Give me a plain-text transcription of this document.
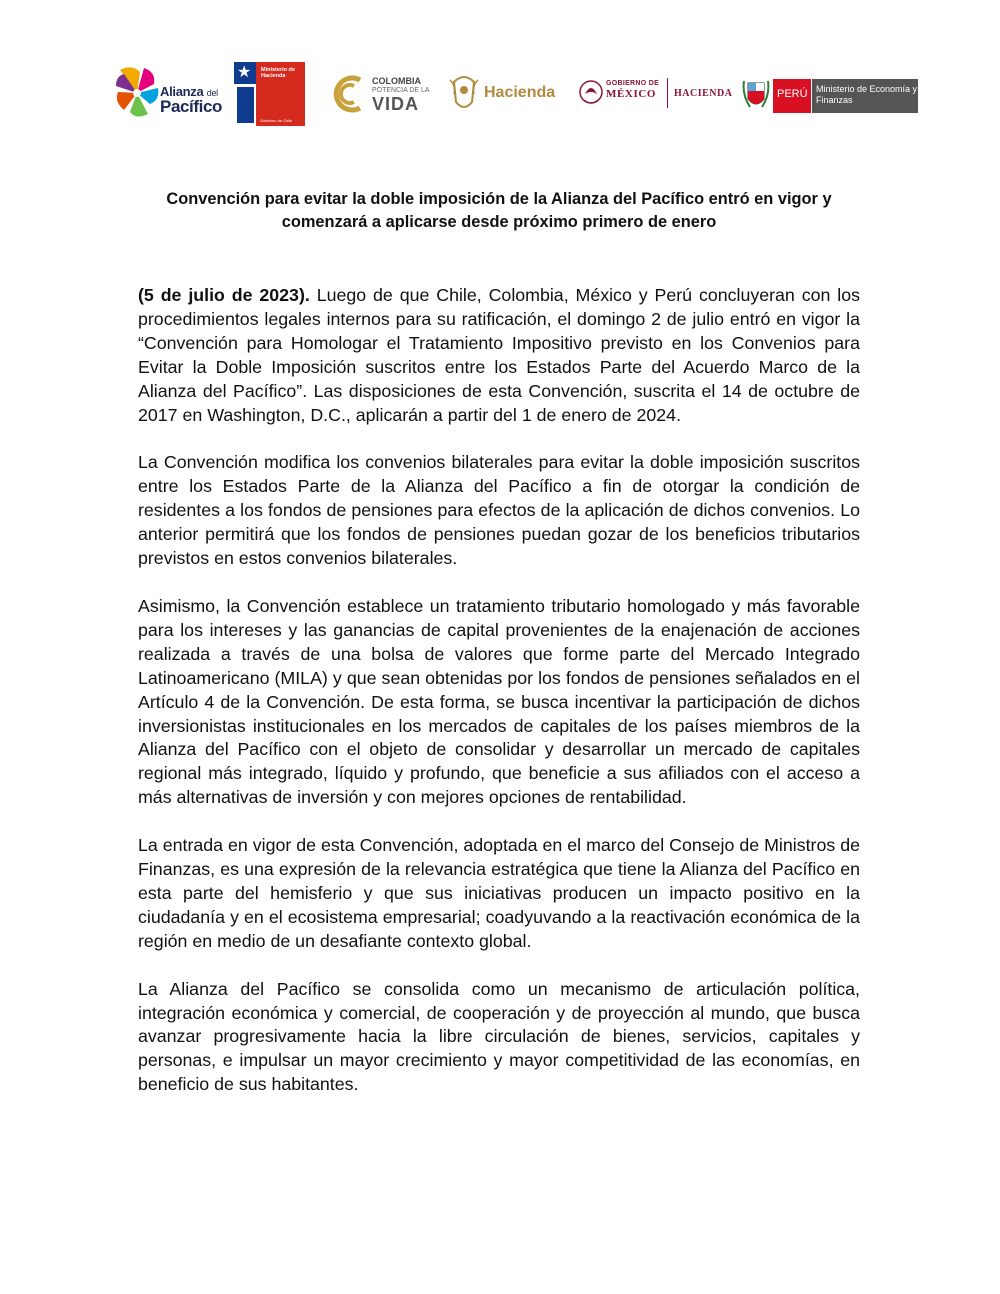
Alianza del
Pacífico
★ Ministerio de Hacienda
Gobierno de Chile
COLOMBIA
POTENCIA DE LA
VIDA
Hacienda
GOBIERNO DE
MÉXICO HACIENDA	PERÚ Ministerio de Economía y Finanzas
Convención para evitar la doble imposición de la Alianza del Pacífico entró en vigor y comenzará a aplicarse desde próximo primero de enero

(5 de julio de 2023). Luego de que Chile, Colombia, México y Perú concluyeran con los procedimientos legales internos para su ratificación, el domingo 2 de julio entró en vigor la “Convención para Homologar el Tratamiento Impositivo previsto en los Convenios para Evitar la Doble Imposición suscritos entre los Estados Parte del Acuerdo Marco de la Alianza del Pacífico”. Las disposiciones de esta Convención, suscrita el 14 de octubre de 2017 en Washington, D.C., aplicarán a partir del 1 de enero de 2024.

La Convención modifica los convenios bilaterales para evitar la doble imposición suscritos entre los Estados Parte de la Alianza del Pacífico a fin de otorgar la condición de residentes a los fondos de pensiones para efectos de la aplicación de dichos convenios. Lo anterior permitirá que los fondos de pensiones puedan gozar de los beneficios tributarios previstos en estos convenios bilaterales.

Asimismo, la Convención establece un tratamiento tributario homologado y más favorable para los intereses y las ganancias de capital provenientes de la enajenación de acciones realizada a través de una bolsa de valores que forme parte del Mercado Integrado Latinoamericano (MILA) y que sean obtenidas por los fondos de pensiones señalados en el Artículo 4 de la Convención. De esta forma, se busca incentivar la participación de dichos inversionistas institucionales en los mercados de capitales de los países miembros de la Alianza del Pacífico con el objeto de consolidar y desarrollar un mercado de capitales regional más integrado, líquido y profundo, que beneficie a sus afiliados con el acceso a más alternativas de inversión y con mejores opciones de rentabilidad.

La entrada en vigor de esta Convención, adoptada en el marco del Consejo de Ministros de Finanzas, es una expresión de la relevancia estratégica que tiene la Alianza del Pacífico en esta parte del hemisferio y que sus iniciativas producen un impacto positivo en la ciudadanía y en el ecosistema empresarial; coadyuvando a la reactivación económica de la región en medio de un desafiante contexto global.

La Alianza del Pacífico se consolida como un mecanismo de articulación política, integración económica y comercial, de cooperación y de proyección al mundo, que busca avanzar progresivamente hacia la libre circulación de bienes, servicios, capitales y personas, e impulsar un mayor crecimiento y mayor competitividad de las economías, en beneficio de sus habitantes.
